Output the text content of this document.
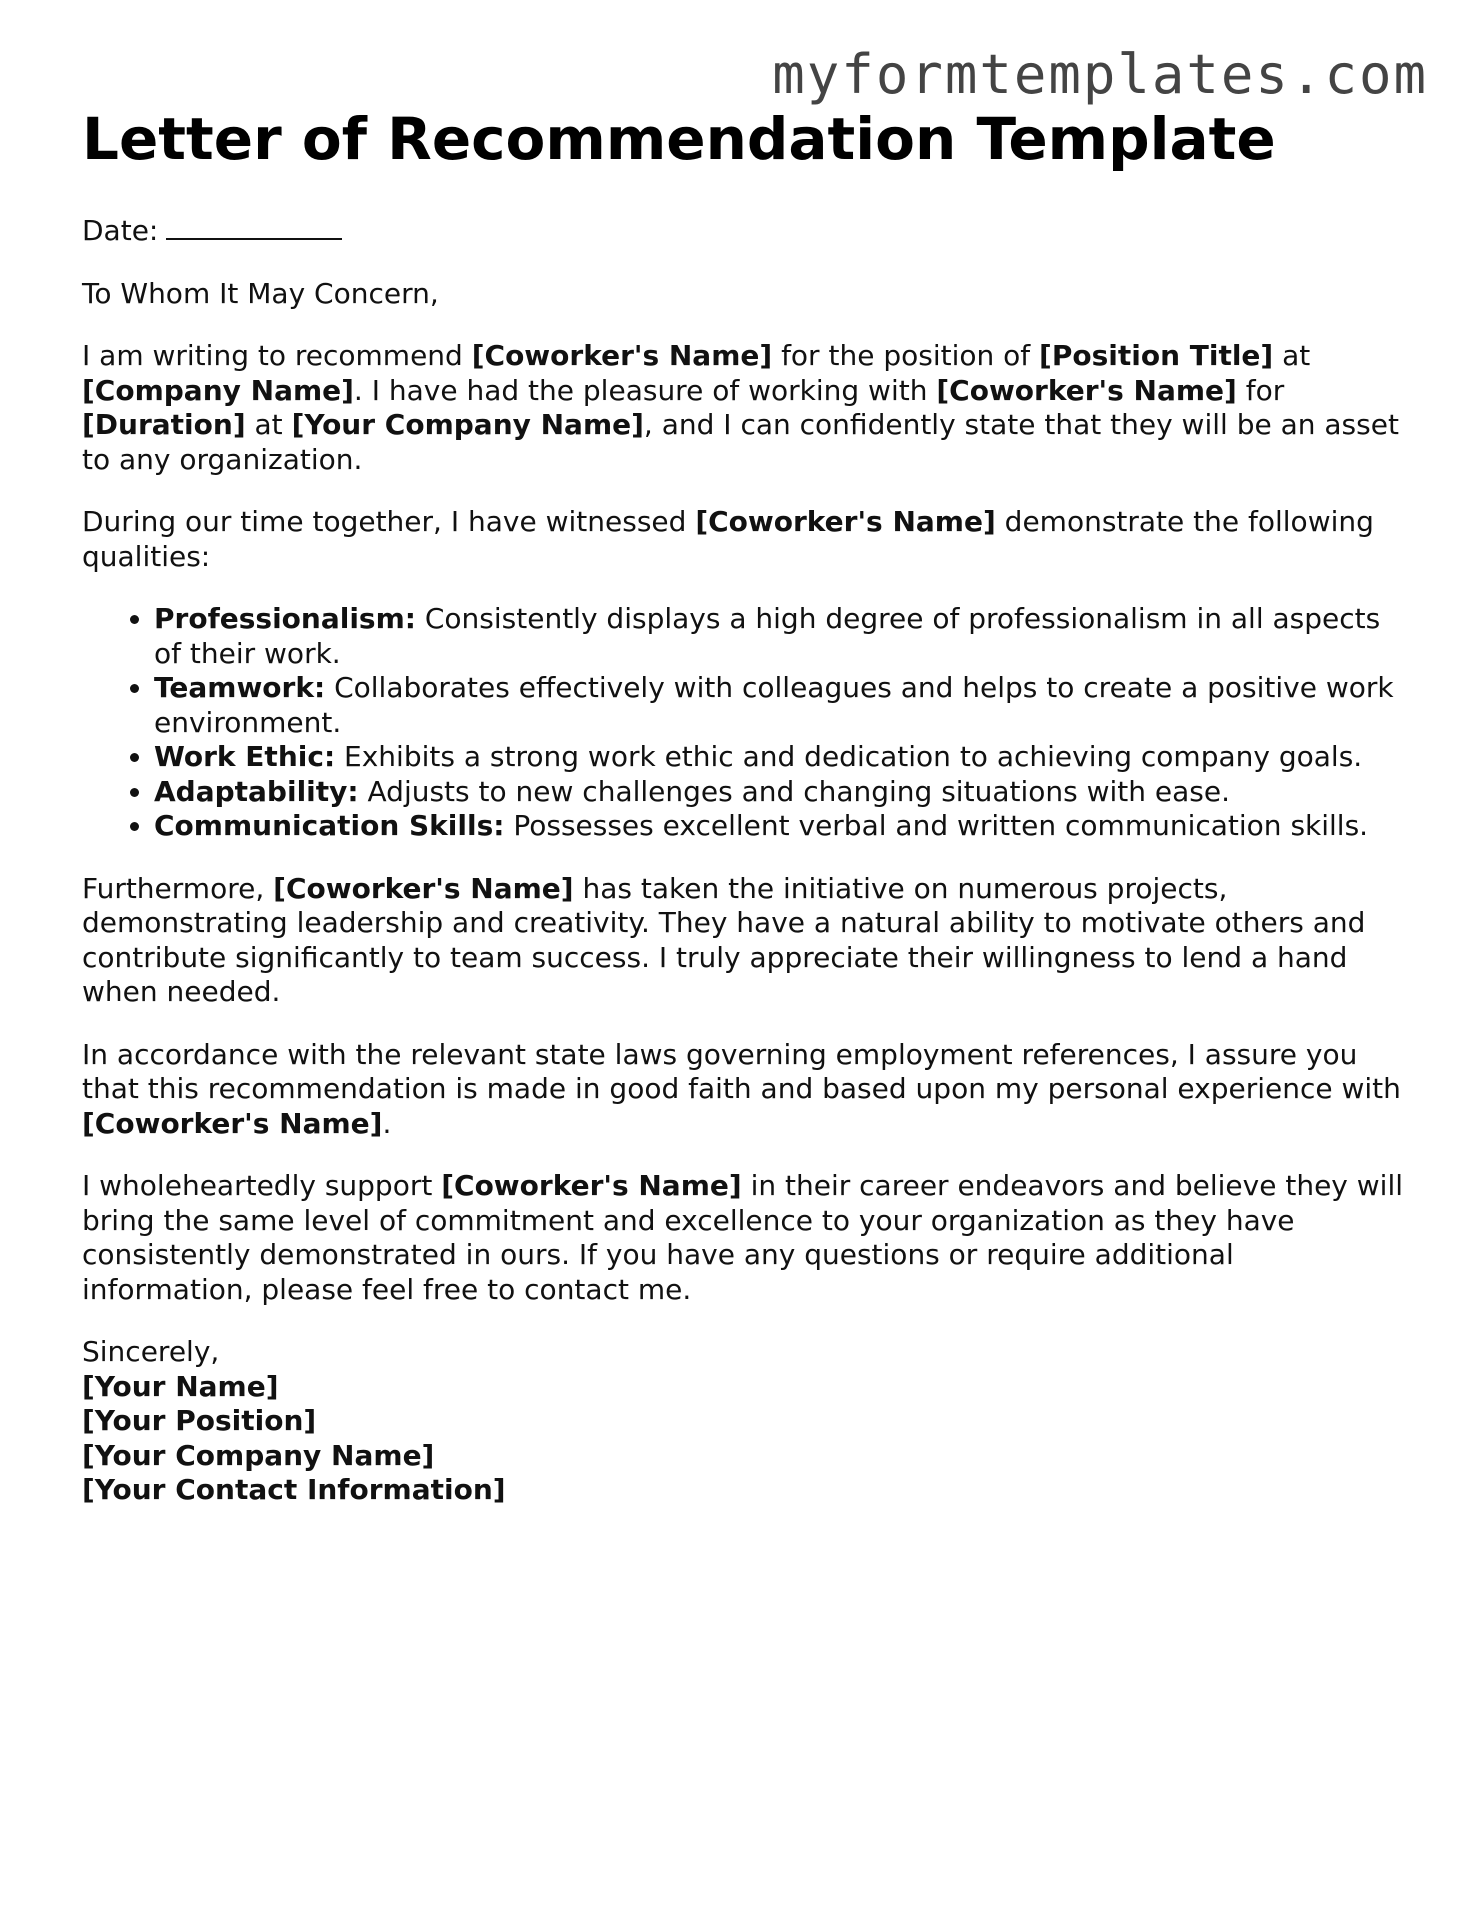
myformtemplates.com
Letter of Recommendation Template

Date:

To Whom It May Concern,

I am writing to recommend [Coworker's Name] for the position of [Position Title] at [Company Name]. I have had the pleasure of working with [Coworker's Name] for [Duration] at [Your Company Name], and I can confidently state that they will be an asset to any organization.

During our time together, I have witnessed [Coworker's Name] demonstrate the following qualities:

• Professionalism: Consistently displays a high degree of professionalism in all aspects of their work.
• Teamwork: Collaborates effectively with colleagues and helps to create a positive work environment.
• Work Ethic: Exhibits a strong work ethic and dedication to achieving company goals.
• Adaptability: Adjusts to new challenges and changing situations with ease.
• Communication Skills: Possesses excellent verbal and written communication skills.

Furthermore, [Coworker's Name] has taken the initiative on numerous projects, demonstrating leadership and creativity. They have a natural ability to motivate others and contribute significantly to team success. I truly appreciate their willingness to lend a hand when needed.

In accordance with the relevant state laws governing employment references, I assure you that this recommendation is made in good faith and based upon my personal experience with [Coworker's Name].

I wholeheartedly support [Coworker's Name] in their career endeavors and believe they will bring the same level of commitment and excellence to your organization as they have consistently demonstrated in ours. If you have any questions or require additional information, please feel free to contact me.

Sincerely,
[Your Name]
[Your Position]
[Your Company Name]
[Your Contact Information]
